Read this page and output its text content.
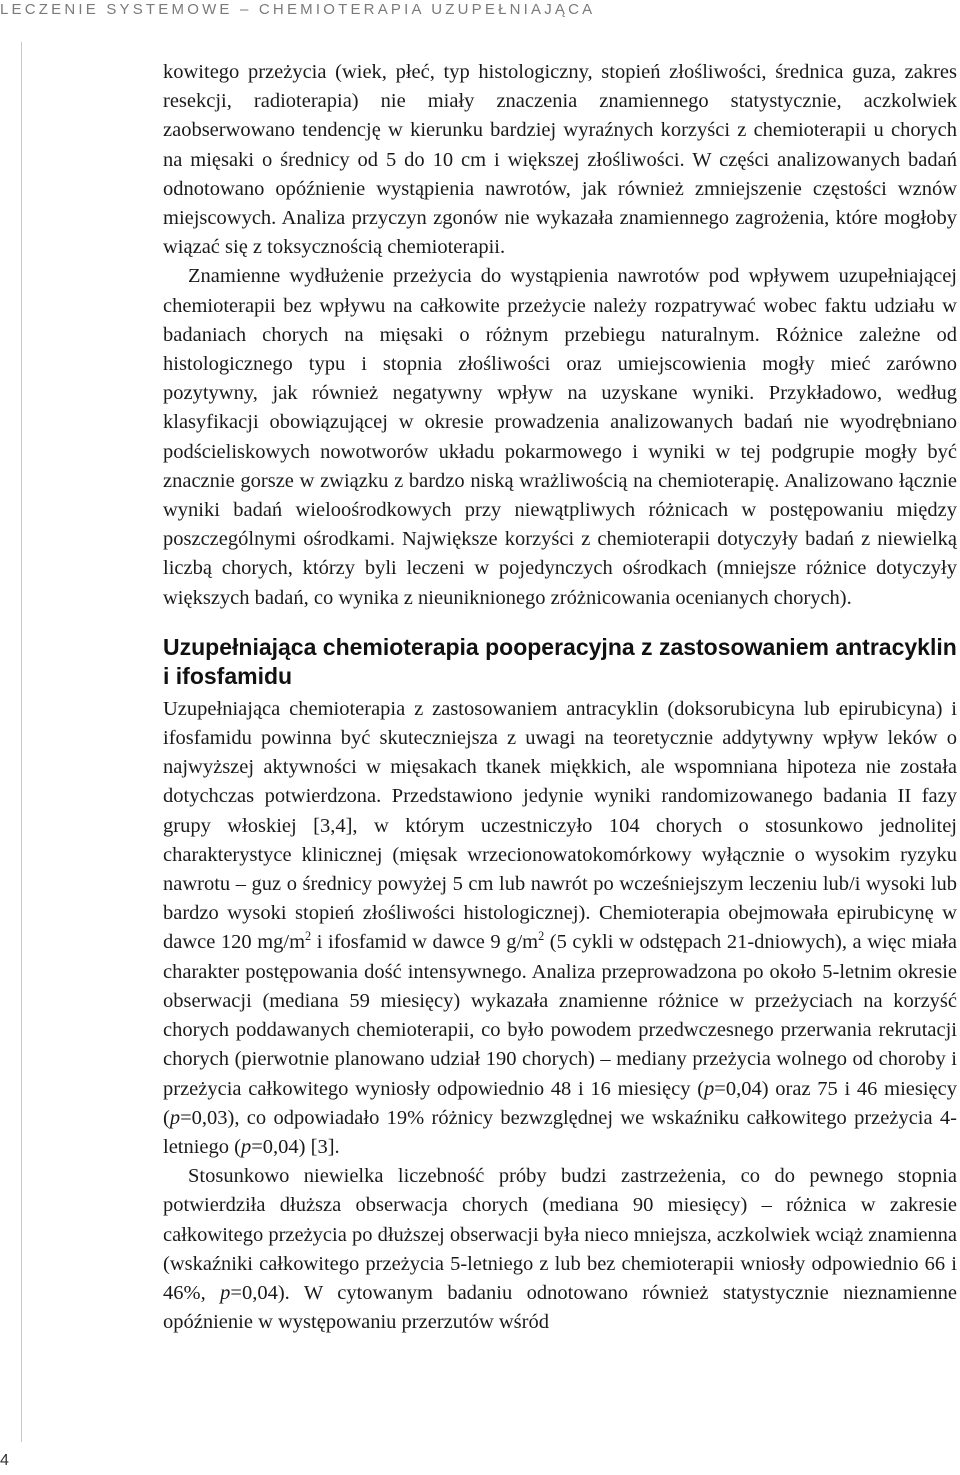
LECZENIE SYSTEMOWE – CHEMIOTERAPIA UZUPEŁNIAJĄCA

kowitego przeżycia (wiek, płeć, typ histologiczny, stopień złośliwości, średnica guza, zakres resekcji, radioterapia) nie miały znaczenia znamiennego statystycznie, aczkolwiek zaobserwowano tendencję w kierunku bardziej wyraźnych korzyści z chemioterapii u chorych na mięsaki o średnicy od 5 do 10 cm i większej złośliwości. W części analizowanych badań odnotowano opóźnienie wystąpienia nawrotów, jak również zmniejszenie częstości wznów miejscowych. Analiza przyczyn zgonów nie wykazała znamiennego zagrożenia, które mogłoby wiązać się z toksycznością chemioterapii.

Znamienne wydłużenie przeżycia do wystąpienia nawrotów pod wpływem uzupełniającej chemioterapii bez wpływu na całkowite przeżycie należy rozpatrywać wobec faktu udziału w badaniach chorych na mięsaki o różnym przebiegu naturalnym. Różnice zależne od histologicznego typu i stopnia złośliwości oraz umiejscowienia mogły mieć zarówno pozytywny, jak również negatywny wpływ na uzyskane wyniki. Przykładowo, według klasyfikacji obowiązującej w okresie prowadzenia analizowanych badań nie wyodrębniano podścieliskowych nowotworów układu pokarmowego i wyniki w tej podgrupie mogły być znacznie gorsze w związku z bardzo niską wrażliwością na chemioterapię. Analizowano łącznie wyniki badań wieloośrodkowych przy niewątpliwych różnicach w postępowaniu między poszczególnymi ośrodkami. Największe korzyści z chemioterapii dotyczyły badań z niewielką liczbą chorych, którzy byli leczeni w pojedynczych ośrodkach (mniejsze różnice dotyczyły większych badań, co wynika z nieuniknionego zróżnicowania ocenianych chorych).

Uzupełniająca chemioterapia pooperacyjna z zastosowaniem antracyklin i ifosfamidu

Uzupełniająca chemioterapia z zastosowaniem antracyklin (doksorubicyna lub epirubicyna) i ifosfamidu powinna być skuteczniejsza z uwagi na teoretycznie addytywny wpływ leków o najwyższej aktywności w mięsakach tkanek miękkich, ale wspomniana hipoteza nie została dotychczas potwierdzona. Przedstawiono jedynie wyniki randomizowanego badania II fazy grupy włoskiej [3,4], w którym uczestniczyło 104 chorych o stosunkowo jednolitej charakterystyce klinicznej (mięsak wrzecionowatokomórkowy wyłącznie o wysokim ryzyku nawrotu – guz o średnicy powyżej 5 cm lub nawrót po wcześniejszym leczeniu lub/i wysoki lub bardzo wysoki stopień złośliwości histologicznej). Chemioterapia obejmowała epirubicynę w dawce 120 $mg/m^2$ i ifosfamid w dawce 9 $g/m^2$ (5 cykli w odstępach 21-dniowych), a więc miała charakter postępowania dość intensywnego. Analiza przeprowadzona po około 5-letnim okresie obserwacji (mediana 59 miesięcy) wykazała znamienne różnice w przeżyciach na korzyść chorych poddawanych chemioterapii, co było powodem przedwczesnego przerwania rekrutacji chorych (pierwotnie planowano udział 190 chorych) – mediany przeżycia wolnego od choroby i przeżycia całkowitego wyniosły odpowiednio 48 i 16 miesięcy (p=0,04) oraz 75 i 46 miesięcy (p=0,03), co odpowiadało 19% różnicy bezwzględnej we wskaźniku całkowitego przeżycia 4-letniego (p=0,04) [3].

Stosunkowo niewielka liczebność próby budzi zastrzeżenia, co do pewnego stopnia potwierdziła dłuższa obserwacja chorych (mediana 90 miesięcy) – różnica w zakresie całkowitego przeżycia po dłuższej obserwacji była nieco mniejsza, aczkolwiek wciąż znamienna (wskaźniki całkowitego przeżycia 5-letniego z lub bez chemioterapii wniosły odpowiednio 66 i 46%, p=0,04). W cytowanym badaniu odnotowano również statystycznie nieznamienne opóźnienie w występowaniu przerzutów wśród

4
